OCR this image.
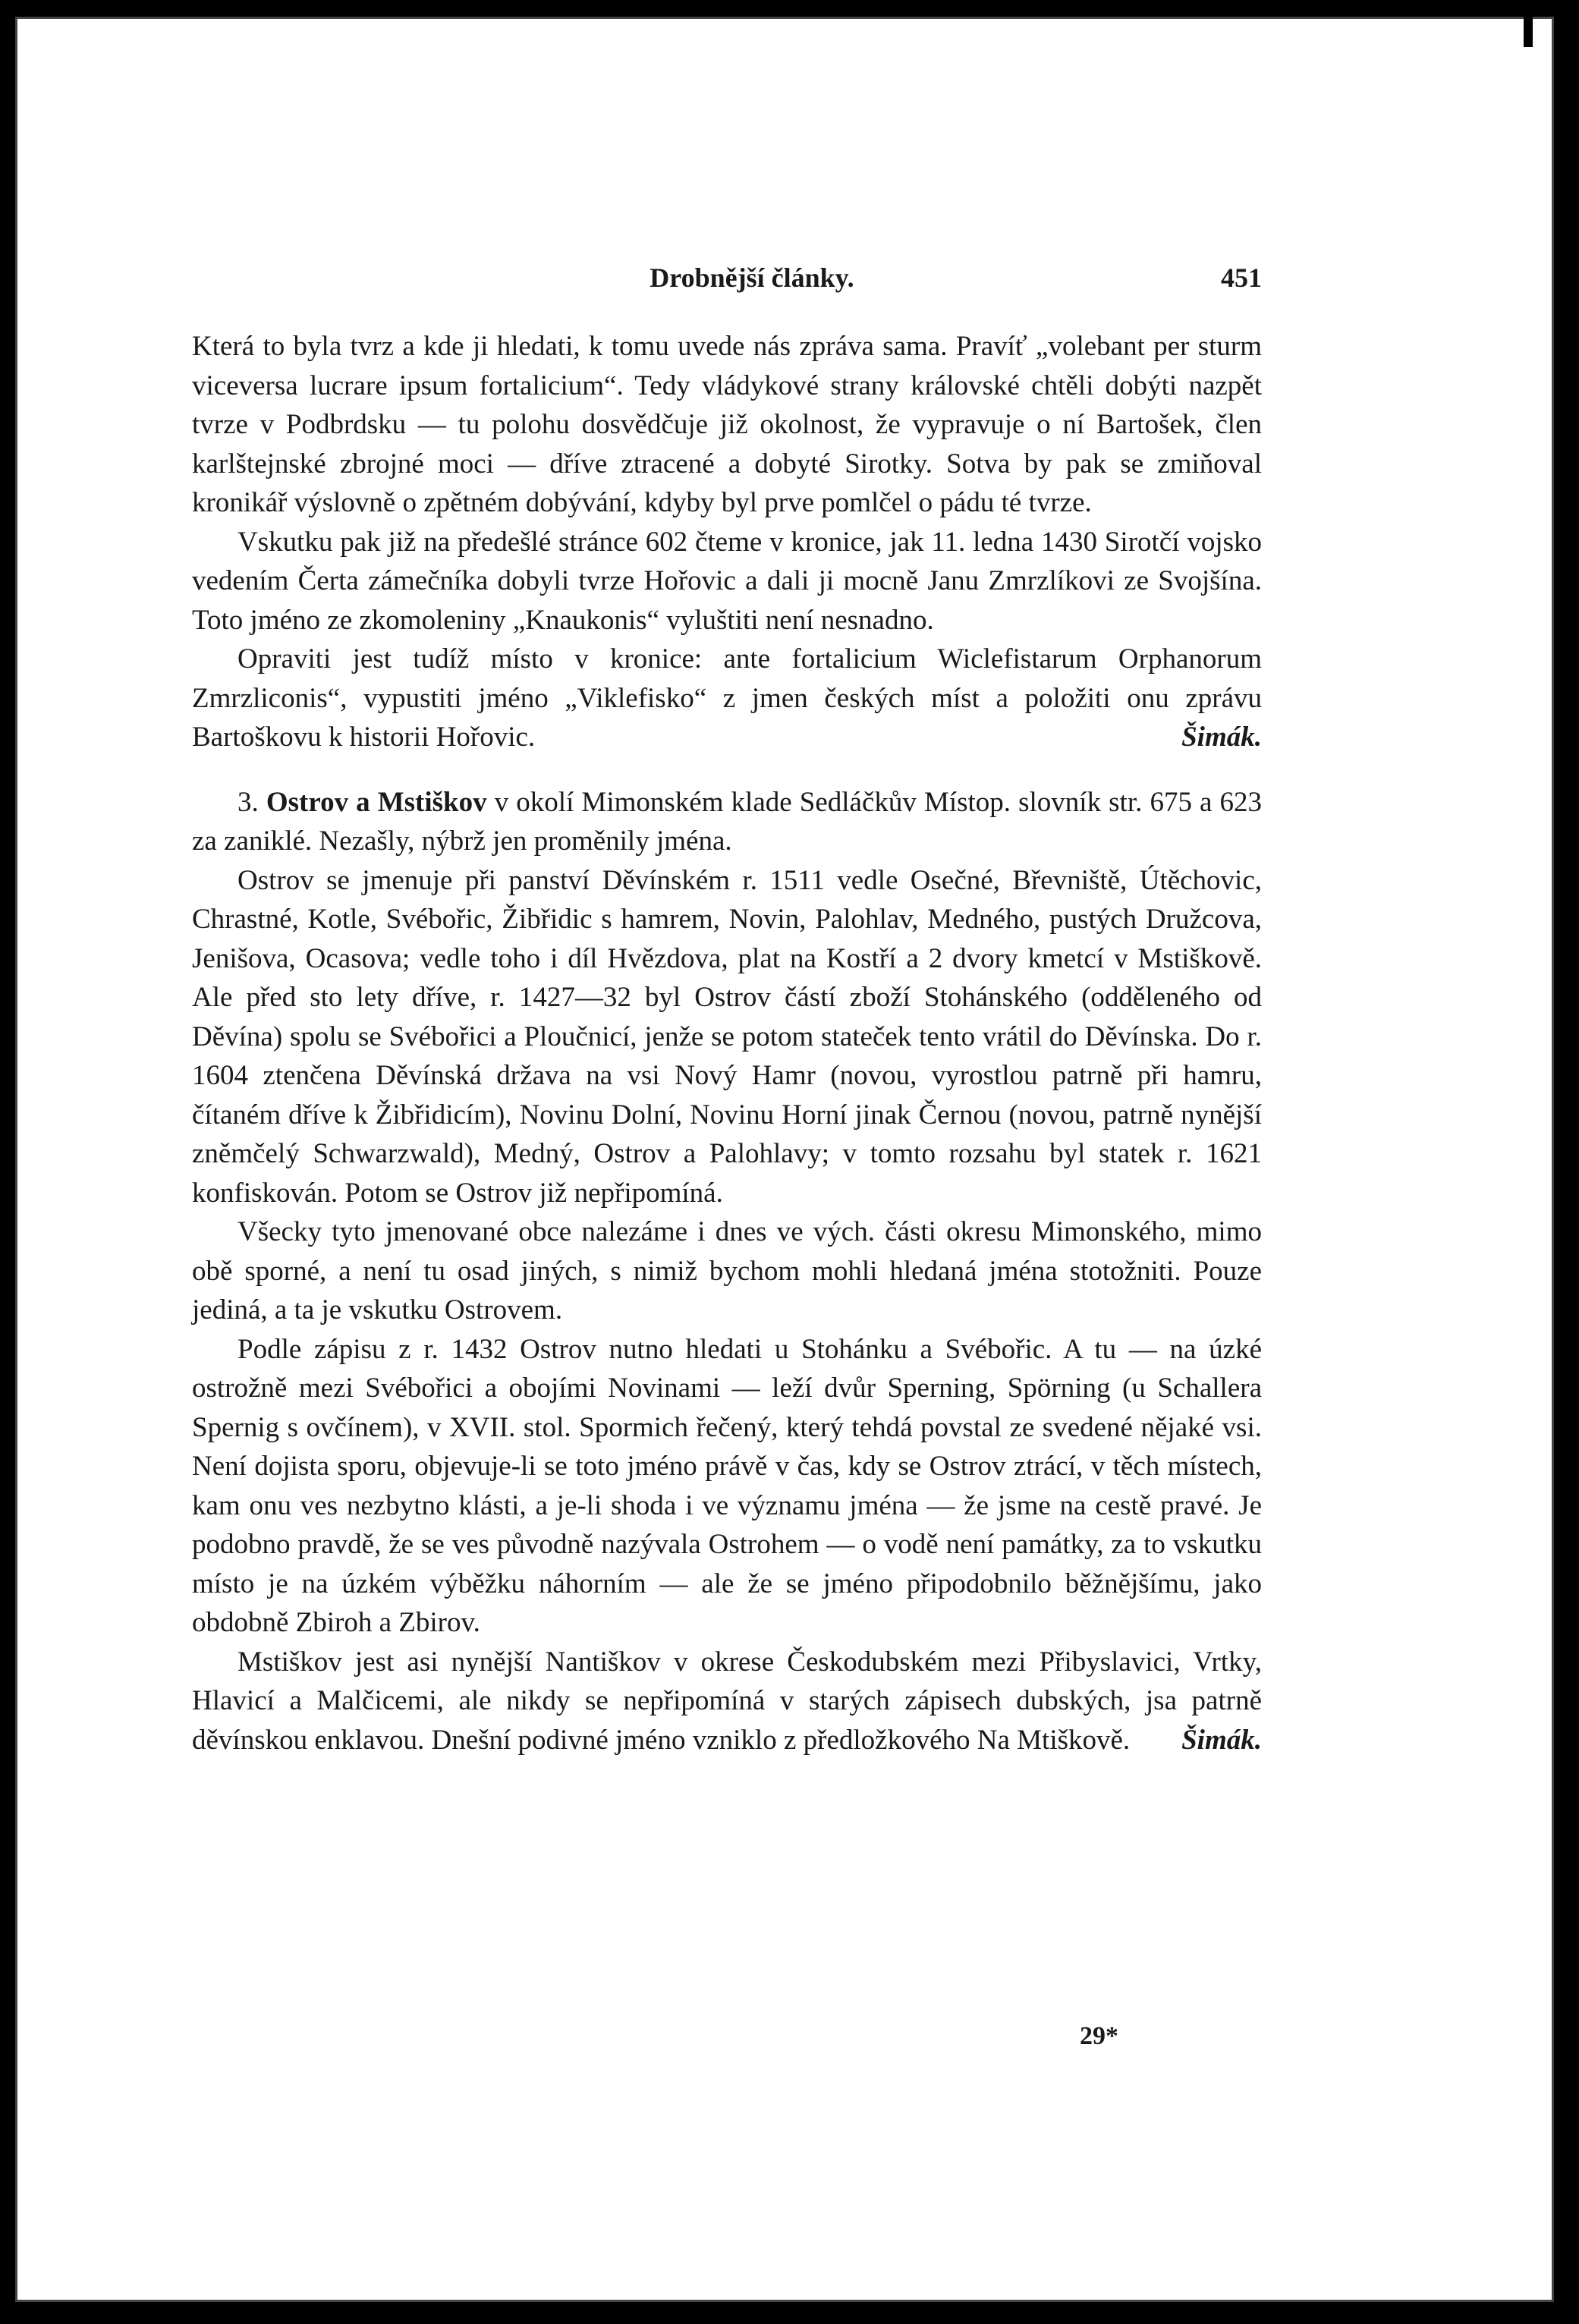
Drobnější články.	451

Která to byla tvrz a kde ji hledati, k tomu uvede nás zpráva sama. Pravíť „volebant per sturm viceversa lucrare ipsum fortalicium“. Tedy vládykové strany královské chtěli dobýti nazpět tvrze v Podbrdsku — tu polohu dosvědčuje již okolnost, že vypravuje o ní Bartošek, člen karlštejnské zbrojné moci — dříve ztracené a dobyté Sirotky. Sotva by pak se zmiňoval kronikář výslovně o zpětném dobývání, kdyby byl prve pomlčel o pádu té tvrze.

Vskutku pak již na předešlé stránce 602 čteme v kronice, jak 11. ledna 1430 Sirotčí vojsko vedením Čerta zámečníka dobyli tvrze Hořovic a dali ji mocně Janu Zmrzlíkovi ze Svojšína. Toto jméno ze zkomoleniny „Knaukonis“ vyluštiti není nesnadno.

Opraviti jest tudíž místo v kronice: ante fortalicium Wiclefistarum Orphanorum Zmrzliconis“, vypustiti jméno „Viklefisko“ z jmen českých míst a položiti onu zprávu Bartoškovu k historii Hořovic.	Šimák.

3. Ostrov a Mstiškov v okolí Mimonském klade Sedláčkův Místop. slovník str. 675 a 623 za zaniklé. Nezašly, nýbrž jen proměnily jména.

Ostrov se jmenuje při panství Děvínském r. 1511 vedle Osečné, Břevniště, Útěchovic, Chrastné, Kotle, Svébořic, Žibřidic s hamrem, Novin, Palohlav, Medného, pustých Družcova, Jenišova, Ocasova; vedle toho i díl Hvězdova, plat na Kostří a 2 dvory kmetcí v Mstiškově. Ale před sto lety dříve, r. 1427—32 byl Ostrov částí zboží Stohánského (odděleného od Děvína) spolu se Svébořici a Ploučnicí, jenže se potom stateček tento vrátil do Děvínska. Do r. 1604 ztenčena Děvínská država na vsi Nový Hamr (novou, vyrostlou patrně při hamru, čítaném dříve k Žibřidicím), Novinu Dolní, Novinu Horní jinak Černou (novou, patrně nynější zněmčelý Schwarzwald), Medný, Ostrov a Palohlavy; v tomto rozsahu byl statek r. 1621 konfiskován. Potom se Ostrov již nepřipomíná.

Všecky tyto jmenované obce nalezáme i dnes ve vých. části okresu Mimonského, mimo obě sporné, a není tu osad jiných, s nimiž bychom mohli hledaná jména stotožniti. Pouze jediná, a ta je vskutku Ostrovem.

Podle zápisu z r. 1432 Ostrov nutno hledati u Stohánku a Svébořic. A tu — na úzké ostrožně mezi Svébořici a obojími Novinami — leží dvůr Sperning, Spörning (u Schallera Spernig s ovčínem), v XVII. stol. Spormich řečený, který tehdá povstal ze svedené nějaké vsi. Není dojista sporu, objevuje-li se toto jméno právě v čas, kdy se Ostrov ztrácí, v těch místech, kam onu ves nezbytno klásti, a je-li shoda i ve významu jména — že jsme na cestě pravé. Je podobno pravdě, že se ves původně nazývala Ostrohem — o vodě není památky, za to vskutku místo je na úzkém výběžku náhorním — ale že se jméno připodobnilo běžnějšímu, jako obdobně Zbiroh a Zbirov.

Mstiškov jest asi nynější Nantiškov v okrese Českodubském mezi Přibyslavici, Vrtky, Hlavicí a Malčicemi, ale nikdy se nepřipomíná v starých zápisech dubských, jsa patrně děvínskou enklavou. Dnešní podivné jméno vzniklo z předložkového Na Mtiškově.	Šimák.

29*
